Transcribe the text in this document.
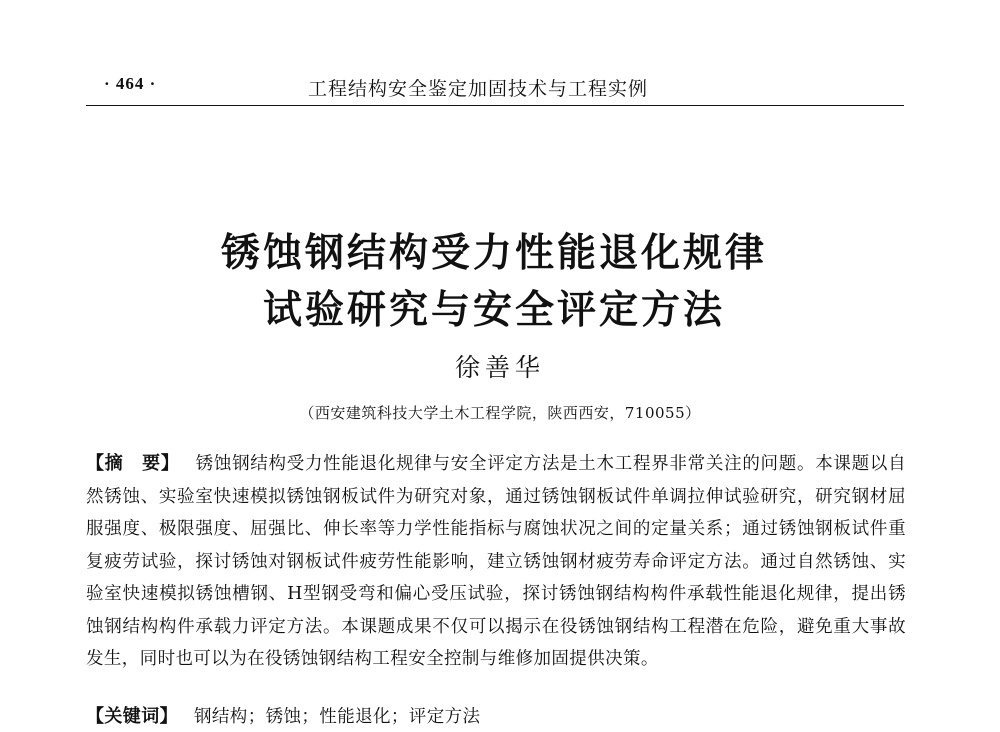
· 464 ·	工程结构安全鉴定加固技术与工程实例
锈蚀钢结构受力性能退化规律
试验研究与安全评定方法
徐善华
（西安建筑科技大学土木工程学院，陕西西安，710055）
【摘　要】 锈蚀钢结构受力性能退化规律与安全评定方法是土木工程界非常关注的问题。本课题以自然锈蚀、实验室快速模拟锈蚀钢板试件为研究对象，通过锈蚀钢板试件单调拉伸试验研究，研究钢材屈服强度、极限强度、屈强比、伸长率等力学性能指标与腐蚀状况之间的定量关系；通过锈蚀钢板试件重复疲劳试验，探讨锈蚀对钢板试件疲劳性能影响，建立锈蚀钢材疲劳寿命评定方法。通过自然锈蚀、实验室快速模拟锈蚀槽钢、H型钢受弯和偏心受压试验，探讨锈蚀钢结构构件承载性能退化规律，提出锈蚀钢结构构件承载力评定方法。本课题成果不仅可以揭示在役锈蚀钢结构工程潜在危险，避免重大事故发生，同时也可以为在役锈蚀钢结构工程安全控制与维修加固提供决策。
【关键词】 钢结构；锈蚀；性能退化；评定方法
